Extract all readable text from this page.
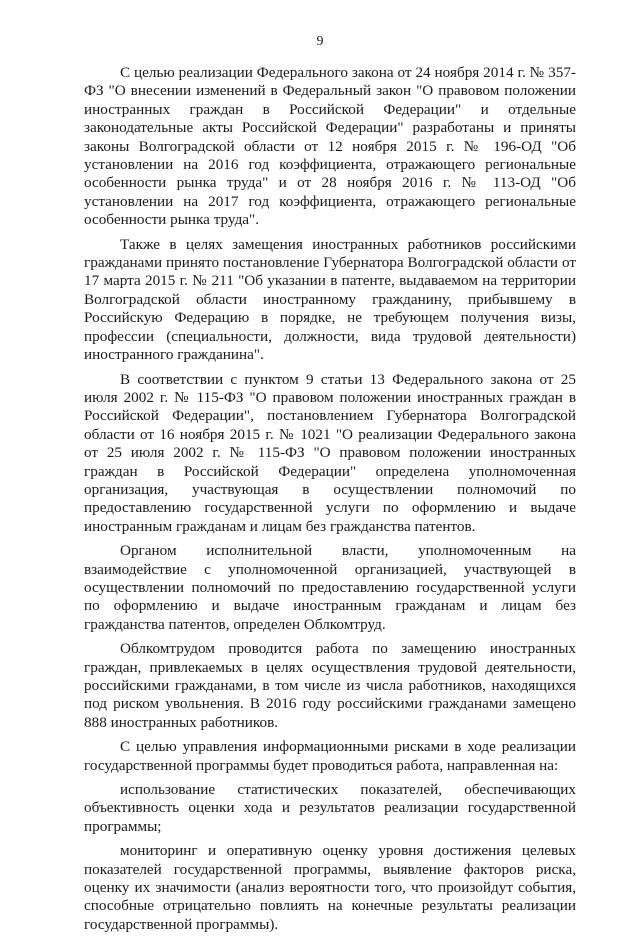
9

С целью реализации Федерального закона от 24 ноября 2014 г. № 357-ФЗ "О внесении изменений в Федеральный закон "О правовом положении иностранных граждан в Российской Федерации" и отдельные законодательные акты Российской Федерации" разработаны и приняты законы Волгоградской области от 12 ноября 2015 г. № 196-ОД "Об установлении на 2016 год коэффициента, отражающего региональные особенности рынка труда" и от 28 ноября 2016 г. № 113-ОД "Об установлении на 2017 год коэффициента, отражающего региональные особенности рынка труда".

Также в целях замещения иностранных работников российскими гражданами принято постановление Губернатора Волгоградской области от 17 марта 2015 г. № 211 "Об указании в патенте, выдаваемом на территории Волгоградской области иностранному гражданину, прибывшему в Российскую Федерацию в порядке, не требующем получения визы, профессии (специальности, должности, вида трудовой деятельности) иностранного гражданина".

В соответствии с пунктом 9 статьи 13 Федерального закона от 25 июля 2002 г. № 115-ФЗ "О правовом положении иностранных граждан в Российской Федерации", постановлением Губернатора Волгоградской области от 16 ноября 2015 г. № 1021 "О реализации Федерального закона от 25 июля 2002 г. № 115-ФЗ "О правовом положении иностранных граждан в Российской Федерации" определена уполномоченная организация, участвующая в осуществлении полномочий по предоставлению государственной услуги по оформлению и выдаче иностранным гражданам и лицам без гражданства патентов.

Органом исполнительной власти, уполномоченным на взаимодействие с уполномоченной организацией, участвующей в осуществлении полномочий по предоставлению государственной услуги по оформлению и выдаче иностранным гражданам и лицам без гражданства патентов, определен Облкомтруд.

Облкомтрудом проводится работа по замещению иностранных граждан, привлекаемых в целях осуществления трудовой деятельности, российскими гражданами, в том числе из числа работников, находящихся под риском увольнения. В 2016 году российскими гражданами замещено 888 иностранных работников.

С целью управления информационными рисками в ходе реализации государственной программы будет проводиться работа, направленная на:

использование статистических показателей, обеспечивающих объективность оценки хода и результатов реализации государственной программы;

мониторинг и оперативную оценку уровня достижения целевых показателей государственной программы, выявление факторов риска, оценку их значимости (анализ вероятности того, что произойдут события, способные отрицательно повлиять на конечные результаты реализации государственной программы).
